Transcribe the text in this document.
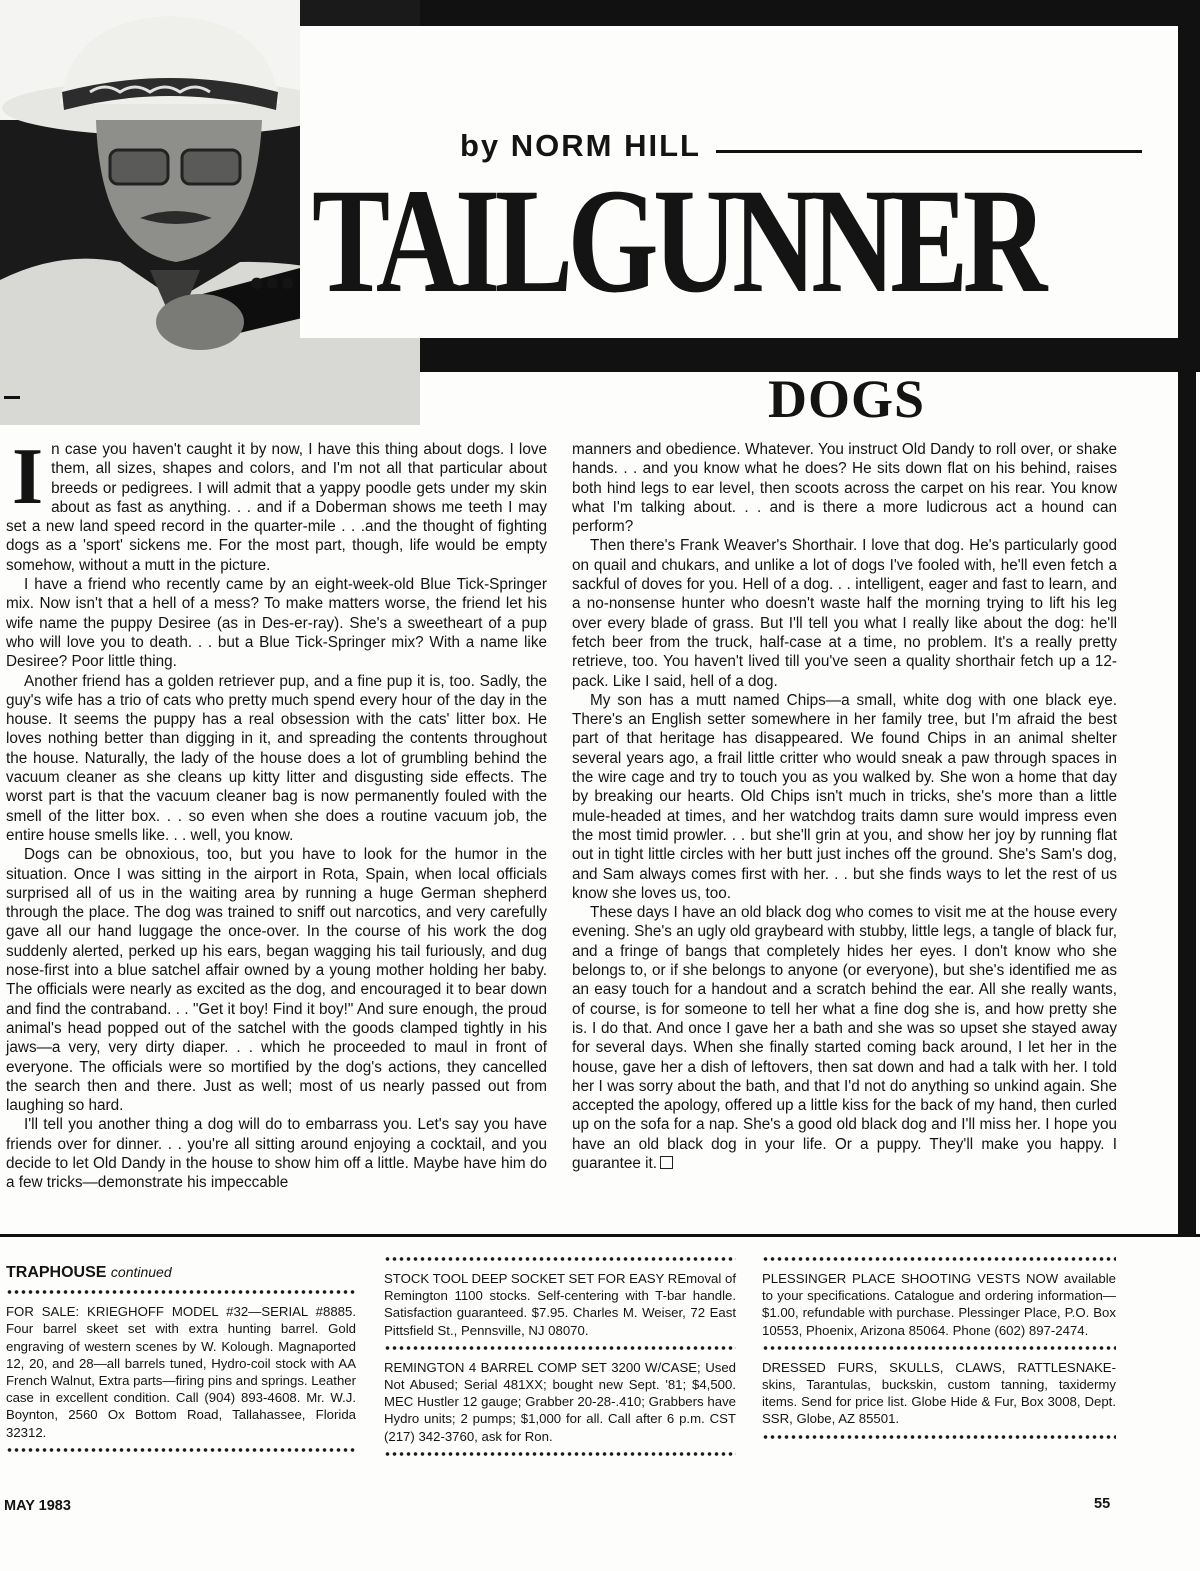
by NORM HILL
... TAILGUNNER
DOGS

In case you haven't caught it by now, I have this thing about dogs. I love them, all sizes, shapes and colors, and I'm not all that particular about breeds or pedigrees. I will admit that a yappy poodle gets under my skin about as fast as anything. . . and if a Doberman shows me teeth I may set a new land speed record in the quarter-mile . . .and the thought of fighting dogs as a 'sport' sickens me. For the most part, though, life would be empty somehow, without a mutt in the picture.

I have a friend who recently came by an eight-week-old Blue Tick-Springer mix. Now isn't that a hell of a mess? To make matters worse, the friend let his wife name the puppy Desiree (as in Des-er-ray). She's a sweetheart of a pup who will love you to death. . . but a Blue Tick-Springer mix? With a name like Desiree? Poor little thing.

Another friend has a golden retriever pup, and a fine pup it is, too. Sadly, the guy's wife has a trio of cats who pretty much spend every hour of the day in the house. It seems the puppy has a real obsession with the cats' litter box. He loves nothing better than digging in it, and spreading the contents throughout the house. Naturally, the lady of the house does a lot of grumbling behind the vacuum cleaner as she cleans up kitty litter and disgusting side effects. The worst part is that the vacuum cleaner bag is now permanently fouled with the smell of the litter box. . . so even when she does a routine vacuum job, the entire house smells like. . . well, you know.

Dogs can be obnoxious, too, but you have to look for the humor in the situation. Once I was sitting in the airport in Rota, Spain, when local officials surprised all of us in the waiting area by running a huge German shepherd through the place. The dog was trained to sniff out narcotics, and very carefully gave all our hand luggage the once-over. In the course of his work the dog suddenly alerted, perked up his ears, began wagging his tail furiously, and dug nose-first into a blue satchel affair owned by a young mother holding her baby. The officials were nearly as excited as the dog, and encouraged it to bear down and find the contraband. . . "Get it boy! Find it boy!" And sure enough, the proud animal's head popped out of the satchel with the goods clamped tightly in his jaws—a very, very dirty diaper. . . which he proceeded to maul in front of everyone. The officials were so mortified by the dog's actions, they cancelled the search then and there. Just as well; most of us nearly passed out from laughing so hard.

I'll tell you another thing a dog will do to embarrass you. Let's say you have friends over for dinner. . . you're all sitting around enjoying a cocktail, and you decide to let Old Dandy in the house to show him off a little. Maybe have him do a few tricks—demonstrate his impeccable

manners and obedience. Whatever. You instruct Old Dandy to roll over, or shake hands. . . and you know what he does? He sits down flat on his behind, raises both hind legs to ear level, then scoots across the carpet on his rear. You know what I'm talking about. . . and is there a more ludicrous act a hound can perform?

Then there's Frank Weaver's Shorthair. I love that dog. He's particularly good on quail and chukars, and unlike a lot of dogs I've fooled with, he'll even fetch a sackful of doves for you. Hell of a dog. . . intelligent, eager and fast to learn, and a no-nonsense hunter who doesn't waste half the morning trying to lift his leg over every blade of grass. But I'll tell you what I really like about the dog: he'll fetch beer from the truck, half-case at a time, no problem. It's a really pretty retrieve, too. You haven't lived till you've seen a quality shorthair fetch up a 12-pack. Like I said, hell of a dog.

My son has a mutt named Chips—a small, white dog with one black eye. There's an English setter somewhere in her family tree, but I'm afraid the best part of that heritage has disappeared. We found Chips in an animal shelter several years ago, a frail little critter who would sneak a paw through spaces in the wire cage and try to touch you as you walked by. She won a home that day by breaking our hearts. Old Chips isn't much in tricks, she's more than a little mule-headed at times, and her watchdog traits damn sure would impress even the most timid prowler. . . but she'll grin at you, and show her joy by running flat out in tight little circles with her butt just inches off the ground. She's Sam's dog, and Sam always comes first with her. . . but she finds ways to let the rest of us know she loves us, too.

These days I have an old black dog who comes to visit me at the house every evening. She's an ugly old graybeard with stubby, little legs, a tangle of black fur, and a fringe of bangs that completely hides her eyes. I don't know who she belongs to, or if she belongs to anyone (or everyone), but she's identified me as an easy touch for a handout and a scratch behind the ear. All she really wants, of course, is for someone to tell her what a fine dog she is, and how pretty she is. I do that. And once I gave her a bath and she was so upset she stayed away for several days. When she finally started coming back around, I let her in the house, gave her a dish of leftovers, then sat down and had a talk with her. I told her I was sorry about the bath, and that I'd not do anything so unkind again. She accepted the apology, offered up a little kiss for the back of my hand, then curled up on the sofa for a nap. She's a good old black dog and I'll miss her. I hope you have an old black dog in your life. Or a puppy. They'll make you happy. I guarantee it.

TRAPHOUSE continued

FOR SALE: KRIEGHOFF MODEL #32—SERIAL #8885. Four barrel skeet set with extra hunting barrel. Gold engraving of western scenes by W. Kolough. Magnaported 12, 20, and 28—all barrels tuned, Hydro-coil stock with AA French Walnut, Extra parts—firing pins and springs. Leather case in excellent condition. Call (904) 893-4608. Mr. W.J. Boynton, 2560 Ox Bottom Road, Tallahassee, Florida 32312.

STOCK TOOL DEEP SOCKET SET FOR EASY REmoval of Remington 1100 stocks. Self-centering with T-bar handle. Satisfaction guaranteed. $7.95. Charles M. Weiser, 72 East Pittsfield St., Pennsville, NJ 08070.

REMINGTON 4 BARREL COMP SET 3200 W/CASE; Used Not Abused; Serial 481XX; bought new Sept. '81; $4,500. MEC Hustler 12 gauge; Grabber 20-28-.410; Grabbers have Hydro units; 2 pumps; $1,000 for all. Call after 6 p.m. CST (217) 342-3760, ask for Ron.

PLESSINGER PLACE SHOOTING VESTS NOW available to your specifications. Catalogue and ordering information—$1.00, refundable with purchase. Plessinger Place, P.O. Box 10553, Phoenix, Arizona 85064. Phone (602) 897-2474.

DRESSED FURS, SKULLS, CLAWS, RATTLESNAKE-skins, Tarantulas, buckskin, custom tanning, taxidermy items. Send for price list. Globe Hide & Fur, Box 3008, Dept. SSR, Globe, AZ 85501.

MAY 1983	55
